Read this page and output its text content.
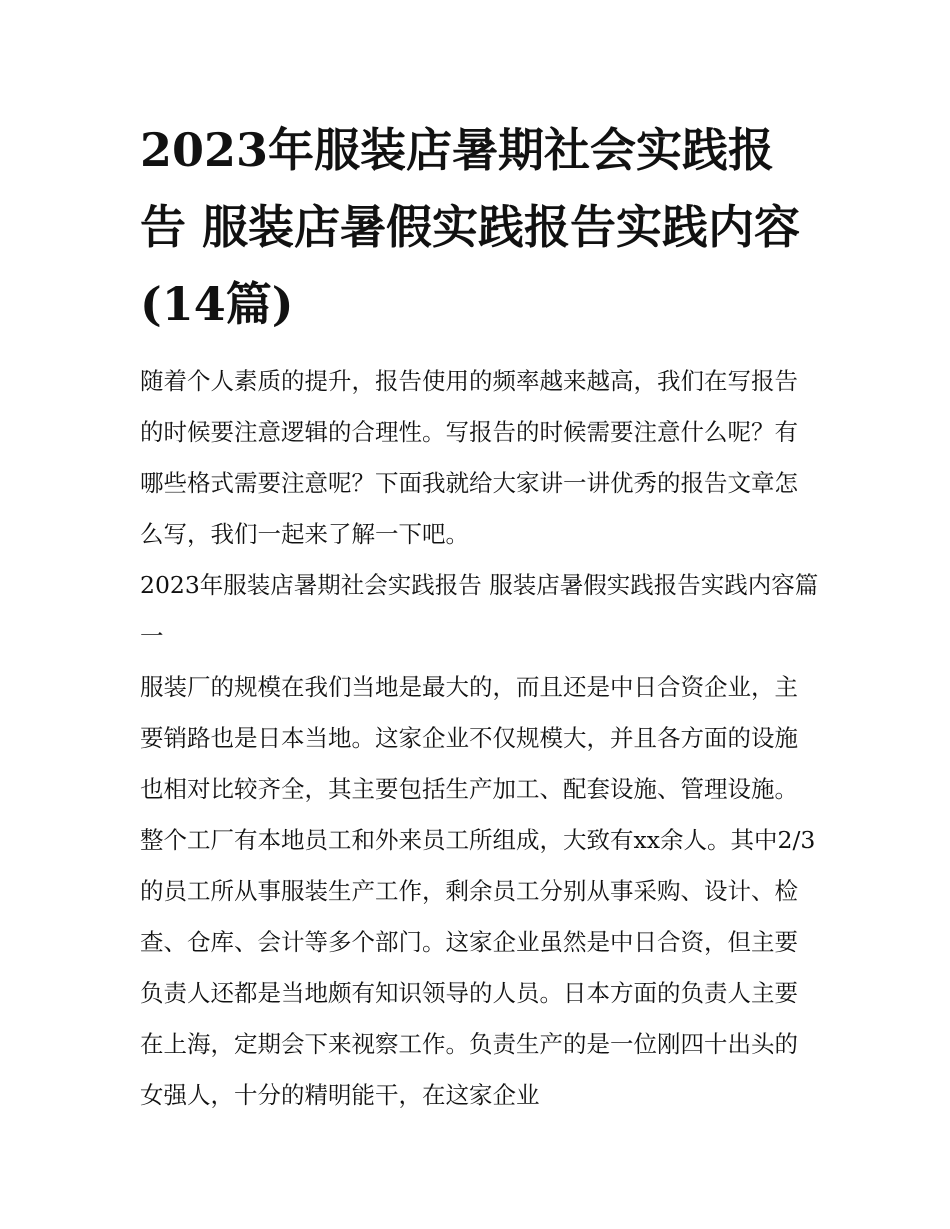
2023年服装店暑期社会实践报告 服装店暑假实践报告实践内容(14篇)

随着个人素质的提升，报告使用的频率越来越高，我们在写报告的时候要注意逻辑的合理性。写报告的时候需要注意什么呢？有哪些格式需要注意呢？下面我就给大家讲一讲优秀的报告文章怎么写，我们一起来了解一下吧。

2023年服装店暑期社会实践报告 服装店暑假实践报告实践内容篇一

服装厂的规模在我们当地是最大的，而且还是中日合资企业，主要销路也是日本当地。这家企业不仅规模大，并且各方面的设施也相对比较齐全，其主要包括生产加工、配套设施、管理设施。整个工厂有本地员工和外来员工所组成，大致有xx余人。其中2/3的员工所从事服装生产工作，剩余员工分别从事采购、设计、检查、仓库、会计等多个部门。这家企业虽然是中日合资，但主要负责人还都是当地颇有知识领导的人员。日本方面的负责人主要在上海，定期会下来视察工作。负责生产的是一位刚四十出头的女强人，十分的精明能干，在这家企业
